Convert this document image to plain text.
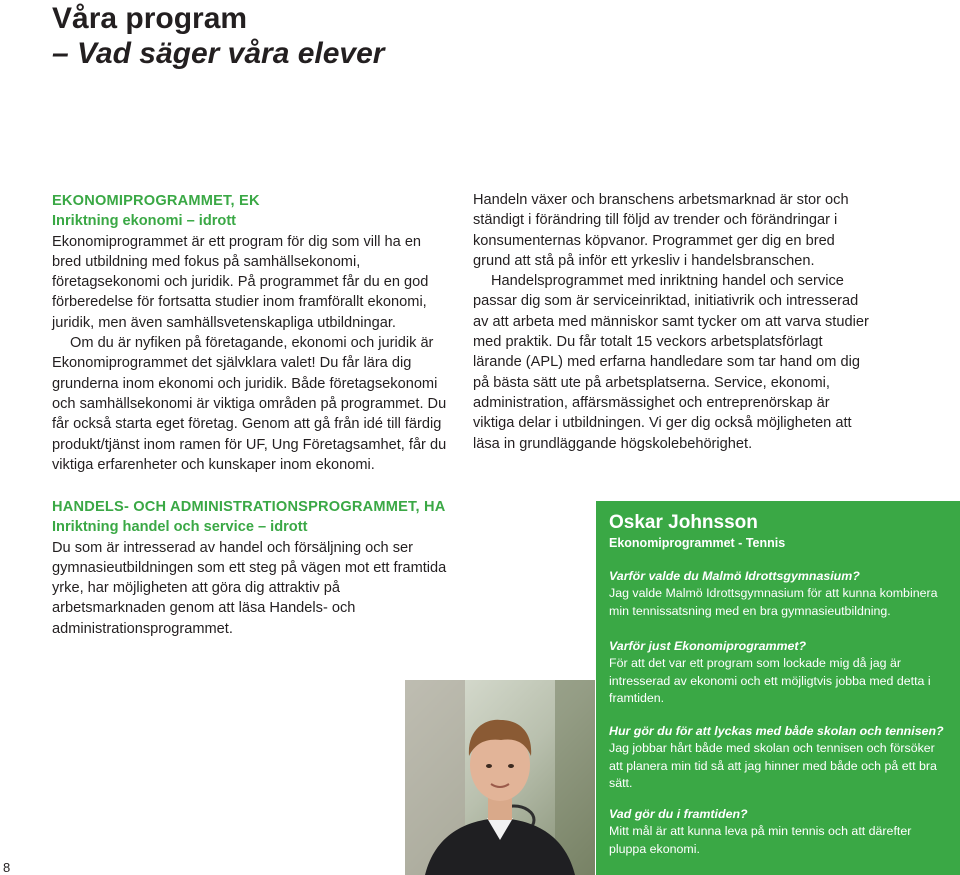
Våra program
– Vad säger våra elever

EKONOMIPROGRAMMET, EK

Inriktning ekonomi – idrott

Ekonomiprogrammet är ett program för dig som vill ha en bred utbildning med fokus på samhällsekonomi, företagsekonomi och juridik. På programmet får du en god förberedelse för fortsatta studier inom framförallt ekonomi, juridik, men även samhällsvetenskapliga utbildningar.

Om du är nyfiken på företagande, ekonomi och juridik är Ekonomiprogrammet det självklara valet! Du får lära dig grunderna inom ekonomi och juridik. Både företagsekonomi och samhällsekonomi är viktiga områden på programmet. Du får också starta eget företag. Genom att gå från idé till färdig produkt/tjänst inom ramen för UF, Ung Företagsamhet, får du viktiga erfarenheter och kunskaper inom ekonomi.

HANDELS- OCH ADMINISTRATIONSPROGRAMMET, HA

Inriktning handel och service – idrott

Du som är intresserad av handel och försäljning och ser gymnasieutbildningen som ett steg på vägen mot ett framtida yrke, har möjligheten att göra dig attraktiv på arbetsmarknaden genom att läsa Handels- och administrationsprogrammet.

Handeln växer och branschens arbetsmarknad är stor och ständigt i förändring till följd av trender och förändringar i konsumenternas köpvanor. Programmet ger dig en bred grund att stå på inför ett yrkesliv i handelsbranschen.

Handelsprogrammet med inriktning handel och service passar dig som är serviceinriktad, initiativrik och intresserad av att arbeta med människor samt tycker om att varva studier med praktik. Du får totalt 15 veckors arbetsplatsförlagt lärande (APL) med erfarna handledare som tar hand om dig på bästa sätt ute på arbetsplatserna. Service, ekonomi, administration, affärsmässighet och entreprenörskap är viktiga delar i utbildningen. Vi ger dig också möjligheten att läsa in grundläggande högskolebehörighet.

Oskar Johnsson

Ekonomiprogrammet - Tennis

Varför valde du Malmö Idrottsgymnasium?

Jag valde Malmö Idrottsgymnasium för att kunna kombinera min tennissatsning med en bra gymnasieutbildning.

Varför just Ekonomiprogrammet?

För att det var ett program som lockade mig då jag är intresserad av ekonomi och ett möjligtvis jobba med detta i framtiden.

Hur gör du för att lyckas med både skolan och tennisen?

Jag jobbar hårt både med skolan och tennisen och försöker att planera min tid så att jag hinner med både och på ett bra sätt.

Vad gör du i framtiden?

Mitt mål är att kunna leva på min tennis och att därefter pluppa ekonomi.

8
